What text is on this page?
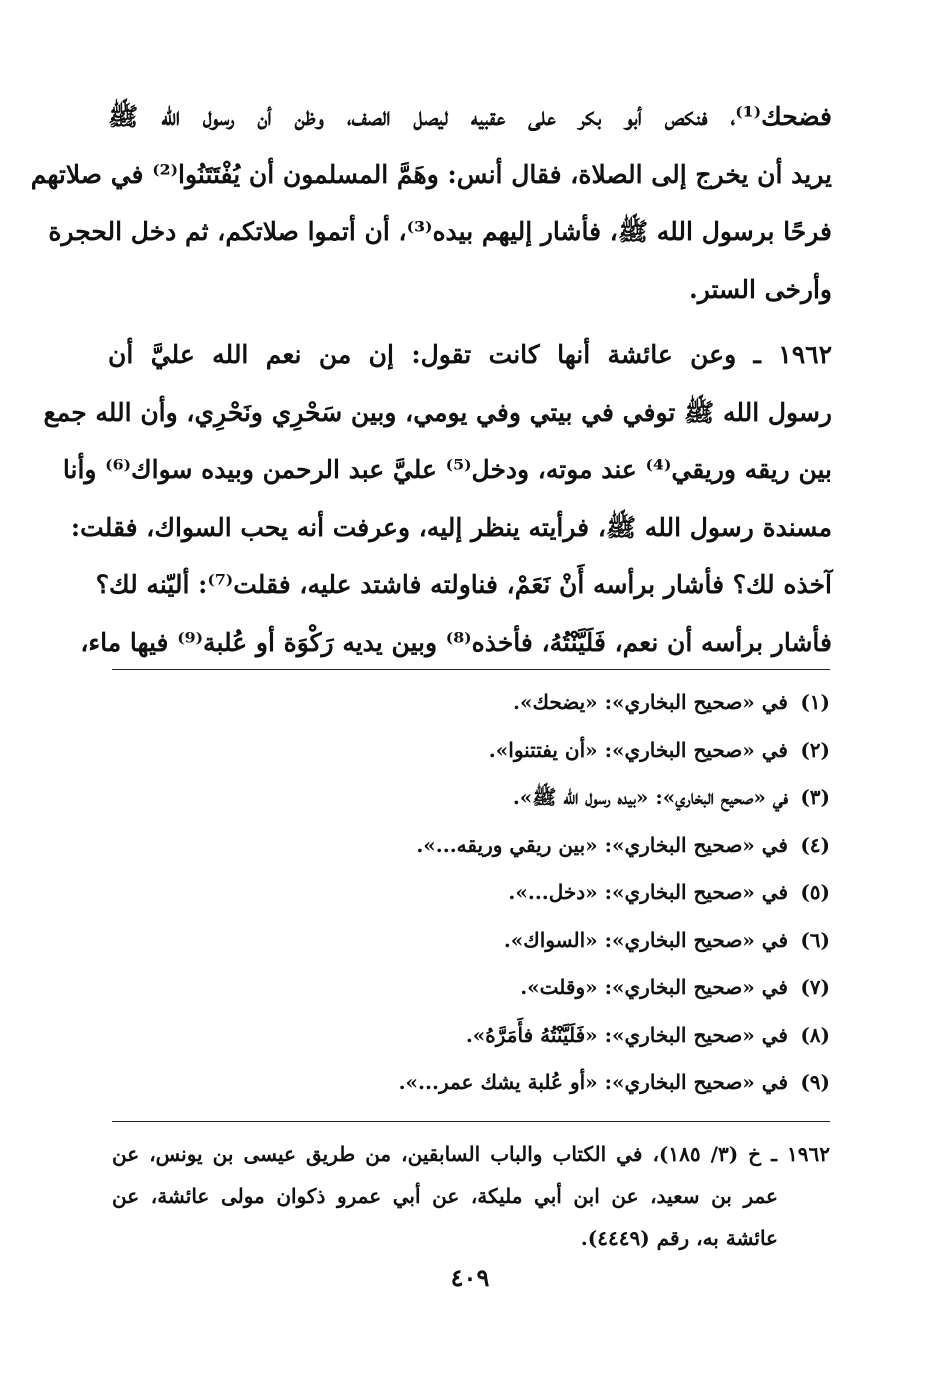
فضحك⁽¹⁾، فنكص أبو بكر على عقبيه ليصل الصف، وظن أن رسول الله ﷺ
يريد أن يخرج إلى الصلاة، فقال أنس: وهَمَّ المسلمون أن يُفْتَتَنُوا⁽²⁾ في صلاتهم
فرحًا برسول الله ﷺ، فأشار إليهم بيده⁽³⁾، أن أتموا صلاتكم، ثم دخل الحجرة
وأرخى الستر.

١٩٦٢ ـ وعن عائشة أنها كانت تقول: إن من نعم الله عليَّ أن
رسول الله ﷺ توفي في بيتي وفي يومي، وبين سَحْرِي ونَحْرِي، وأن الله جمع
بين ريقه وريقي⁽⁴⁾ عند موته، ودخل⁽⁵⁾ عليَّ عبد الرحمن وبيده سواك⁽⁶⁾ وأنا
مسندة رسول الله ﷺ، فرأيته ينظر إليه، وعرفت أنه يحب السواك، فقلت:
آخذه لك؟ فأشار برأسه أَنْ نَعَمْ، فناولته فاشتد عليه، فقلت⁽⁷⁾: أليّنه لك؟
فأشار برأسه أن نعم، فَلَيَّنْتُهُ، فأخذه⁽⁸⁾ وبين يديه رَكْوَة أو عُلبة⁽⁹⁾ فيها ماء،

(١)في «صحيح البخاري»: «يضحك».
(٢)في «صحيح البخاري»: «أن يفتتنوا».
(٣)في «صحيح البخاري»: «بيده رسول الله ﷺ».
(٤)في «صحيح البخاري»: «بين ريقي وريقه...».
(٥)في «صحيح البخاري»: «دخل...».
(٦)في «صحيح البخاري»: «السواك».
(٧)في «صحيح البخاري»: «وقلت».
(٨)في «صحيح البخاري»: «فَلَيَّنْتُهُ فأَمَرَّهُ».
(٩)في «صحيح البخاري»: «أو عُلبة يشك عمر...».
١٩٦٢ ـ خ (٣/ ١٨٥)، في الكتاب والباب السابقين، من طريق عيسى بن يونس، عن
عمر بن سعيد، عن ابن أبي مليكة، عن أبي عمرو ذكوان مولى عائشة، عن
عائشة به، رقم (٤٤٤٩).
٤٠٩
